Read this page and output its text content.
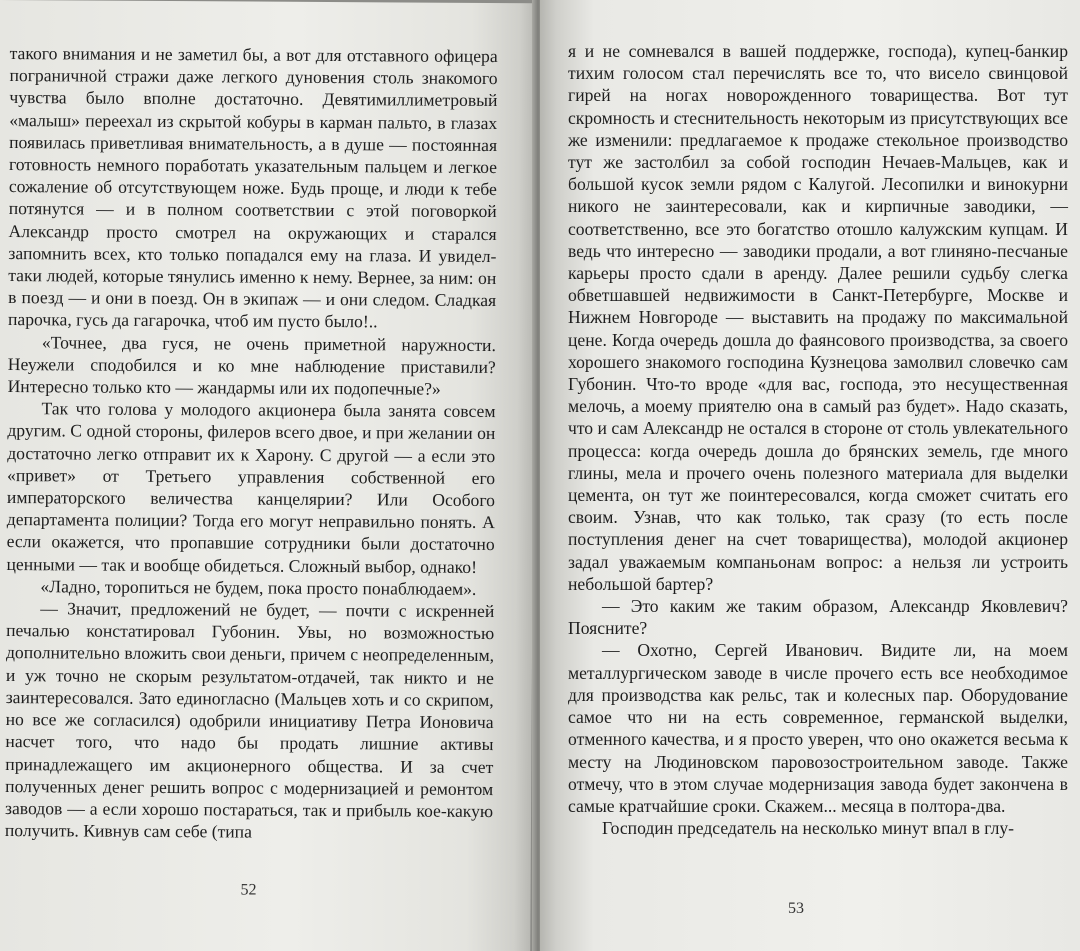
такого внимания и не заметил бы, а вот для отставного офицера пограничной стражи даже легкого дуновения столь знакомого чувства было вполне достаточно. Девятимиллиметровый «малыш» переехал из скрытой кобуры в карман пальто, в глазах появилась приветливая внимательность, а в душе — постоянная готовность немного поработать указательным пальцем и легкое сожаление об отсутствующем ноже. Будь проще, и люди к тебе потянутся — и в полном соответствии с этой поговоркой Александр просто смотрел на окружающих и старался запомнить всех, кто только попадался ему на глаза. И увидел-таки людей, которые тянулись именно к нему. Вернее, за ним: он в поезд — и они в поезд. Он в экипаж — и они следом. Сладкая парочка, гусь да гагарочка, чтоб им пусто было!..

«Точнее, два гуся, не очень приметной наружности. Неужели сподобился и ко мне наблюдение приставили? Интересно только кто — жандармы или их подопечные?»

Так что голова у молодого акционера была занята совсем другим. С одной стороны, филеров всего двое, и при желании он достаточно легко отправит их к Харону. С другой — а если это «привет» от Третьего управления собственной его императорского величества канцелярии? Или Особого департамента полиции? Тогда его могут неправильно понять. А если окажется, что пропавшие сотрудники были достаточно ценными — так и вообще обидеться. Сложный выбор, однако!

«Ладно, торопиться не будем, пока просто понаблюдаем».

— Значит, предложений не будет, — почти с искренней печалью констатировал Губонин. Увы, но возможностью дополнительно вложить свои деньги, причем с неопределенным, и уж точно не скорым результатом-отдачей, так никто и не заинтересовался. Зато единогласно (Мальцев хоть и со скрипом, но все же согласился) одобрили инициативу Петра Ионовича насчет того, что надо бы продать лишние активы принадлежащего им акционерного общества. И за счет полученных денег решить вопрос с модернизацией и ремонтом заводов — а если хорошо постараться, так и прибыль кое-какую получить. Кивнув сам себе (типа

52

я и не сомневался в вашей поддержке, господа), купец-банкир тихим голосом стал перечислять все то, что висело свинцовой гирей на ногах новорожденного товарищества. Вот тут скромность и стеснительность некоторым из присутствующих все же изменили: предлагаемое к продаже стекольное производство тут же застолбил за собой господин Нечаев-Мальцев, как и большой кусок земли рядом с Калугой. Лесопилки и винокурни никого не заинтересовали, как и кирпичные заводики, — соответственно, все это богатство отошло калужским купцам. И ведь что интересно — заводики продали, а вот глиняно-песчаные карьеры просто сдали в аренду. Далее решили судьбу слегка обветшавшей недвижимости в Санкт-Петербурге, Москве и Нижнем Новгороде — выставить на продажу по максимальной цене. Когда очередь дошла до фаянсового производства, за своего хорошего знакомого господина Кузнецова замолвил словечко сам Губонин. Что-то вроде «для вас, господа, это несущественная мелочь, а моему приятелю она в самый раз будет». Надо сказать, что и сам Александр не остался в стороне от столь увлекательного процесса: когда очередь дошла до брянских земель, где много глины, мела и прочего очень полезного материала для выделки цемента, он тут же поинтересовался, когда сможет считать его своим. Узнав, что как только, так сразу (то есть после поступления денег на счет товарищества), молодой акционер задал уважаемым компаньонам вопрос: а нельзя ли устроить небольшой бартер?

— Это каким же таким образом, Александр Яковлевич? Поясните?

— Охотно, Сергей Иванович. Видите ли, на моем металлургическом заводе в числе прочего есть все необходимое для производства как рельс, так и колесных пар. Оборудование самое что ни на есть современное, германской выделки, отменного качества, и я просто уверен, что оно окажется весьма к месту на Людиновском паровозостроительном заводе. Также отмечу, что в этом случае модернизация завода будет закончена в самые кратчайшие сроки. Скажем... месяца в полтора-два.

Господин председатель на несколько минут впал в глу-

53
